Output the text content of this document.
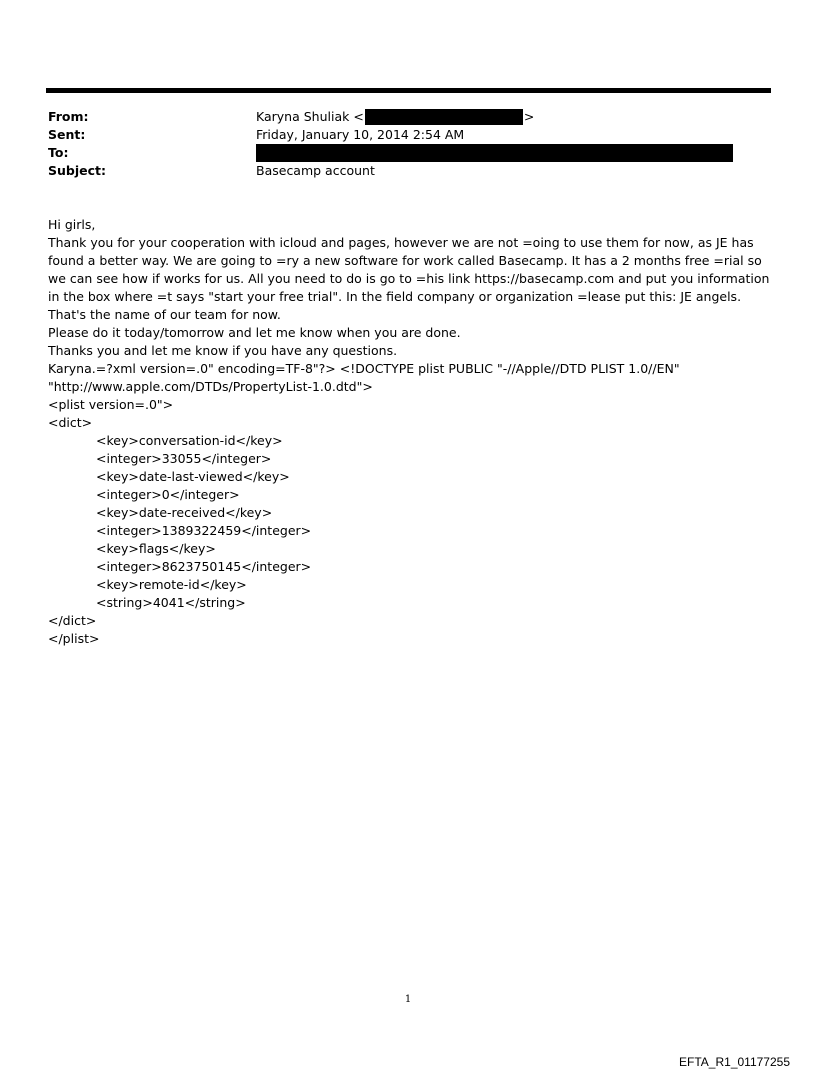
From:	Karyna Shuliak <	>
Sent:	Friday, January 10, 2014 2:54 AM
To:
Subject:	Basecamp account
Hi girls,
Thank you for your cooperation with icloud and pages, however we are not =oing to use them for now, as JE has found a better way. We are going to =ry a new software for work called Basecamp. It has a 2 months free =rial so we can see how if works for us. All you need to do is go to =his link https://basecamp.com and put you information in the box where =t says "start your free trial". In the field company or organization =lease put this: JE angels. That's the name of our team for now.
Please do it today/tomorrow and let me know when you are done.
Thanks you and let me know if you have any questions.
Karyna.=?xml version=.0" encoding=TF-8"?> <!DOCTYPE plist PUBLIC "-//Apple//DTD PLIST 1.0//EN"
"http://www.apple.com/DTDs/PropertyList-1.0.dtd">
<plist version=.0">
<dict>
<key>conversation-id</key>
<integer>33055</integer>
<key>date-last-viewed</key>
<integer>0</integer>
<key>date-received</key>
<integer>1389322459</integer>
<key>flags</key>
<integer>8623750145</integer>
<key>remote-id</key>
<string>4041</string>
</dict>
</plist>
1
EFTA_R1_01177255
